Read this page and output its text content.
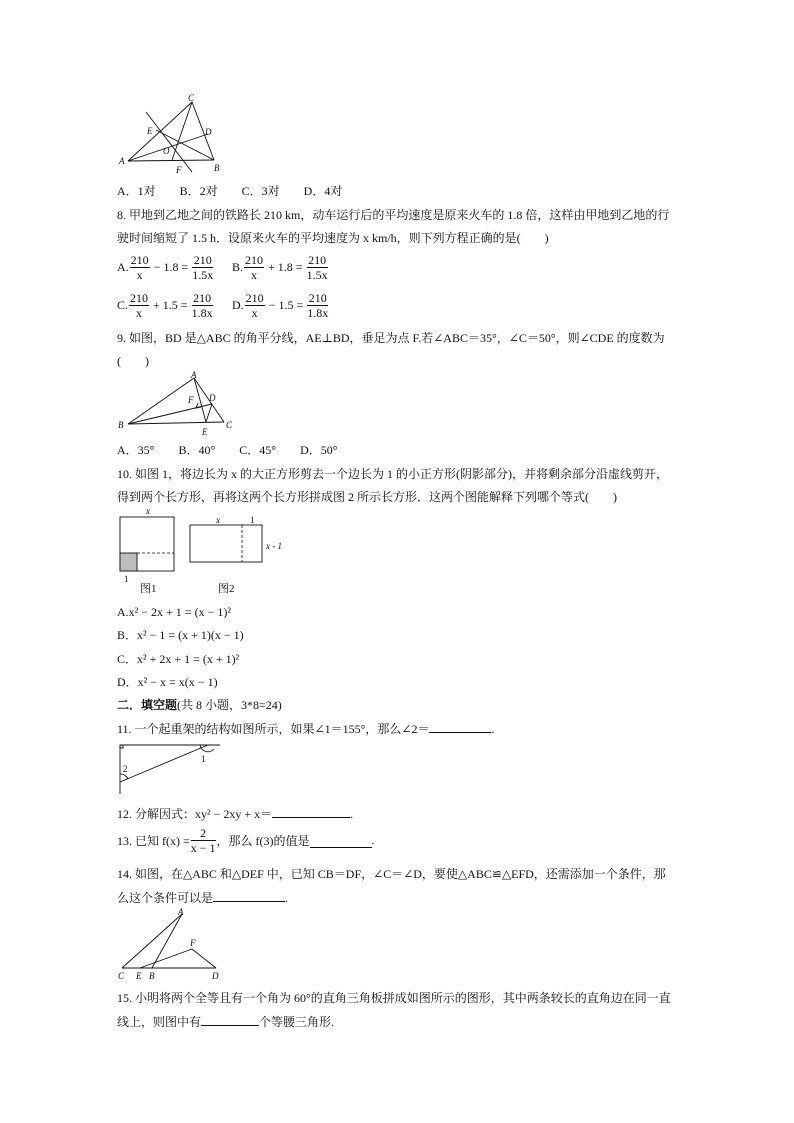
A
B
C
D
E
F
O
A．1对　　B．2对　　C．3对　　D．4对
8. 甲地到乙地之间的铁路长 210 km，动车运行后的平均速度是原来火车的 1.8 倍，这样由甲地到乙地的行
驶时间缩短了 1.5 h．设原来火车的平均速度为 x km/h，则下列方程正确的是(　　)
A. $\frac{210}{x} - 1.8 = \frac{210}{1.5x} B$. $\frac{210}{x} + 1.8 = \frac{210}{1.5x}$
C. $\frac{210}{x} + 1.5 = \frac{210}{1.8x} D$. $\frac{210}{x} - 1.5 = \frac{210}{1.8x}$
9. 如图，BD 是△ABC 的角平分线，AE⊥BD，垂足为点 F.若∠ABC＝35°，∠C＝50°，则∠CDE 的度数为
(　　)
A
B	C
D
E
F
A．35°　　B．40°　　C．45°　　D．50°
10. 如图 1，将边长为 x 的大正方形剪去一个边长为 1 的小正方形(阴影部分)，并将剩余部分沿虚线剪开，
得到两个长方形，再将这两个长方形拼成图 2 所示长方形．这两个图能解释下列哪个等式(　　)
x
1
图1
x	1
x - 1
图2
A.x² − 2x + 1 = (x − 1)²
B．x² − 1 = (x + 1)(x − 1)
C．x² + 2x + 1 = (x + 1)²
D．x² − x = x(x − 1)
二．填空题(共 8 小题，3*8=24)
11. 一个起重架的结构如图所示，如果∠1＝155°，那么∠2＝	.
2
1
12. 分解因式：xy² − 2xy + x＝	.
13. 已知 $f(x) = \frac{2}{x - 1}$ ，那么 f(3)的值是	.
14. 如图，在△ABC 和△DEF 中，已知 CB＝DF，∠C＝∠D，要使△ABC≌△EFD，还需添加一个条件，那
么这个条件可以是	.
A
B
C	D
E
F
15. 小明将两个全等且有一个角为 60°的直角三角板拼成如图所示的图形，其中两条较长的直角边在同一直
线上，则图中有	个等腰三角形.
